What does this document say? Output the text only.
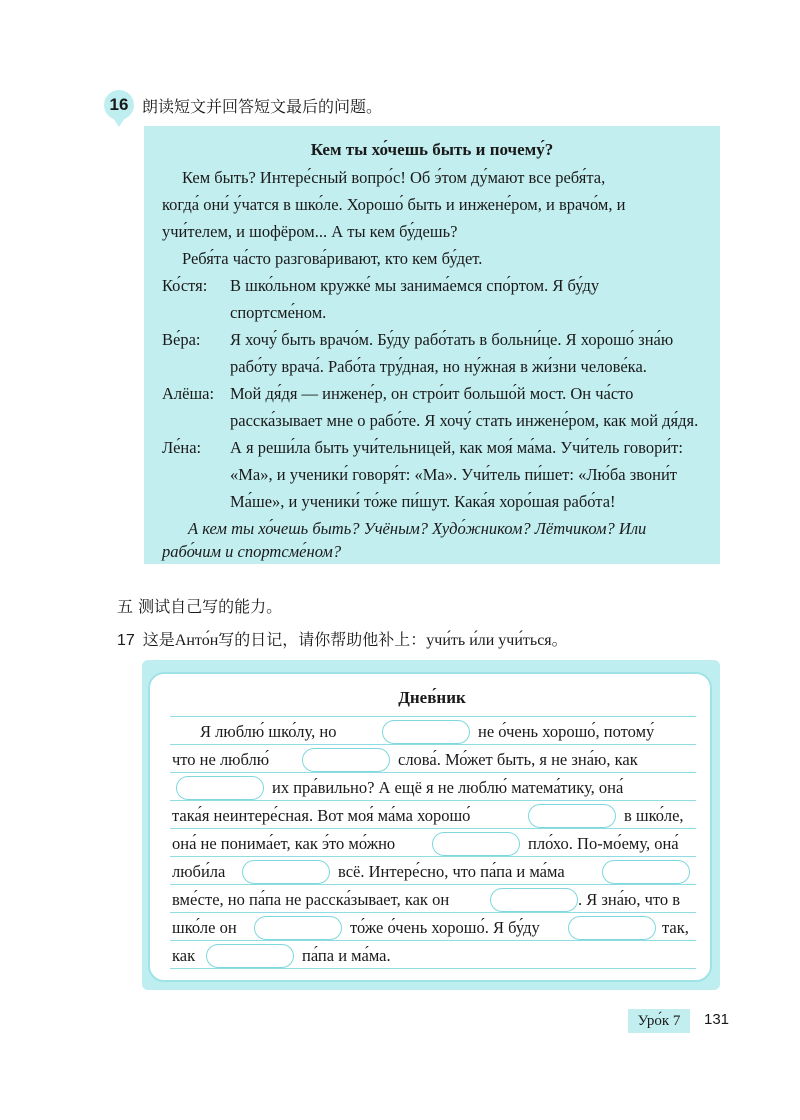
16 朗读短文并回答短文最后的问题。
Кем ты хо́чешь быть и почему́?
Кем быть? Интере́сный вопро́с! Об э́том ду́мают все ребя́та,
когда́ они́ у́чатся в шко́ле. Хорошо́ быть и инжене́ром, и врачо́м, и
учи́телем, и шофёром... А ты кем бу́дешь?
Ребя́та ча́сто разгова́ривают, кто кем бу́дет.
Ко́стя: В шко́льном кружке́ мы занима́емся спо́ртом. Я бу́ду
спортсме́ном.
Ве́ра: Я хочу́ быть врачо́м. Бу́ду рабо́тать в больни́це. Я хорошо́ зна́ю
рабо́ту врача́. Рабо́та тру́дная, но ну́жная в жи́зни челове́ка.
Алёша: Мой дя́дя — инжене́р, он стро́ит большо́й мост. Он ча́сто
расска́зывает мне о рабо́те. Я хочу́ стать инжене́ром, как мой дя́дя.
Ле́на: А я реши́ла быть учи́тельницей, как моя́ ма́ма. Учи́тель говори́т:
«Ма», и ученики́ говоря́т: «Ма». Учи́тель пи́шет: «Лю́ба звони́т
Ма́ше», и ученики́ то́же пи́шут. Кака́я хоро́шая рабо́та!
А кем ты хо́чешь быть? Учёным? Худо́жником? Лётчиком? Или
рабо́чим и спортсме́ном?
五 测试自己写的能力。
17 这是Анто́н写的日记，请你帮助他补上：учи́ть и́ли учи́ться。
Днев́ник
Я люблю́ шко́лу, но	не о́чень хорошо́, потому́
что не люблю́	слова́. Мо́жет быть, я не зна́ю, как
их пра́вильно? А ещё я не люблю́ матема́тику, она́
така́я неинтере́сная. Вот моя́ ма́ма хорошо́	в шко́ле,
она́ не понима́ет, как э́то мо́жно	пло́хо. По-мо́ему, она́
люби́ла	всё. Интере́сно, что па́па и ма́ма
вме́сте, но па́па не расска́зывает, как он	. Я зна́ю, что в
шко́ле он	то́же о́чень хорошо́. Я бу́ду	так,
как	па́па и ма́ма.
Уро́к 7	131
